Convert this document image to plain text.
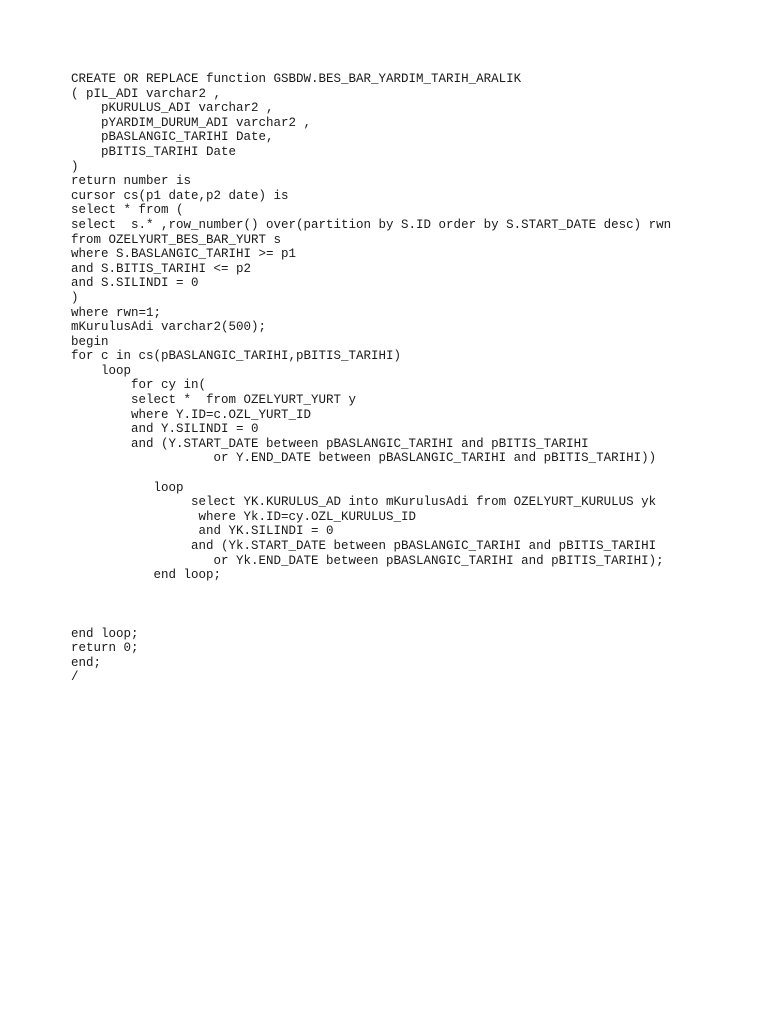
CREATE OR REPLACE function GSBDW.BES_BAR_YARDIM_TARIH_ARALIK
( pIL_ADI varchar2 ,
pKURULUS_ADI varchar2 ,
pYARDIM_DURUM_ADI varchar2 ,
pBASLANGIC_TARIHI Date,
pBITIS_TARIHI Date
)
return number is
cursor cs(p1 date,p2 date) is
select * from (
select  s.* ,row_number() over(partition by S.ID order by S.START_DATE desc) rwn
from OZELYURT_BES_BAR_YURT s
where S.BASLANGIC_TARIHI >= p1
and S.BITIS_TARIHI <= p2
and S.SILINDI = 0
)
where rwn=1;
mKurulusAdi varchar2(500);
begin
for c in cs(pBASLANGIC_TARIHI,pBITIS_TARIHI)
loop
for cy in(
select *  from OZELYURT_YURT y
where Y.ID=c.OZL_YURT_ID
and Y.SILINDI = 0
and (Y.START_DATE between pBASLANGIC_TARIHI and pBITIS_TARIHI
or Y.END_DATE between pBASLANGIC_TARIHI and pBITIS_TARIHI))
loop
select YK.KURULUS_AD into mKurulusAdi from OZELYURT_KURULUS yk
where Yk.ID=cy.OZL_KURULUS_ID
and YK.SILINDI = 0
and (Yk.START_DATE between pBASLANGIC_TARIHI and pBITIS_TARIHI
or Yk.END_DATE between pBASLANGIC_TARIHI and pBITIS_TARIHI);
end loop;
end loop;
return 0;
end;
/
